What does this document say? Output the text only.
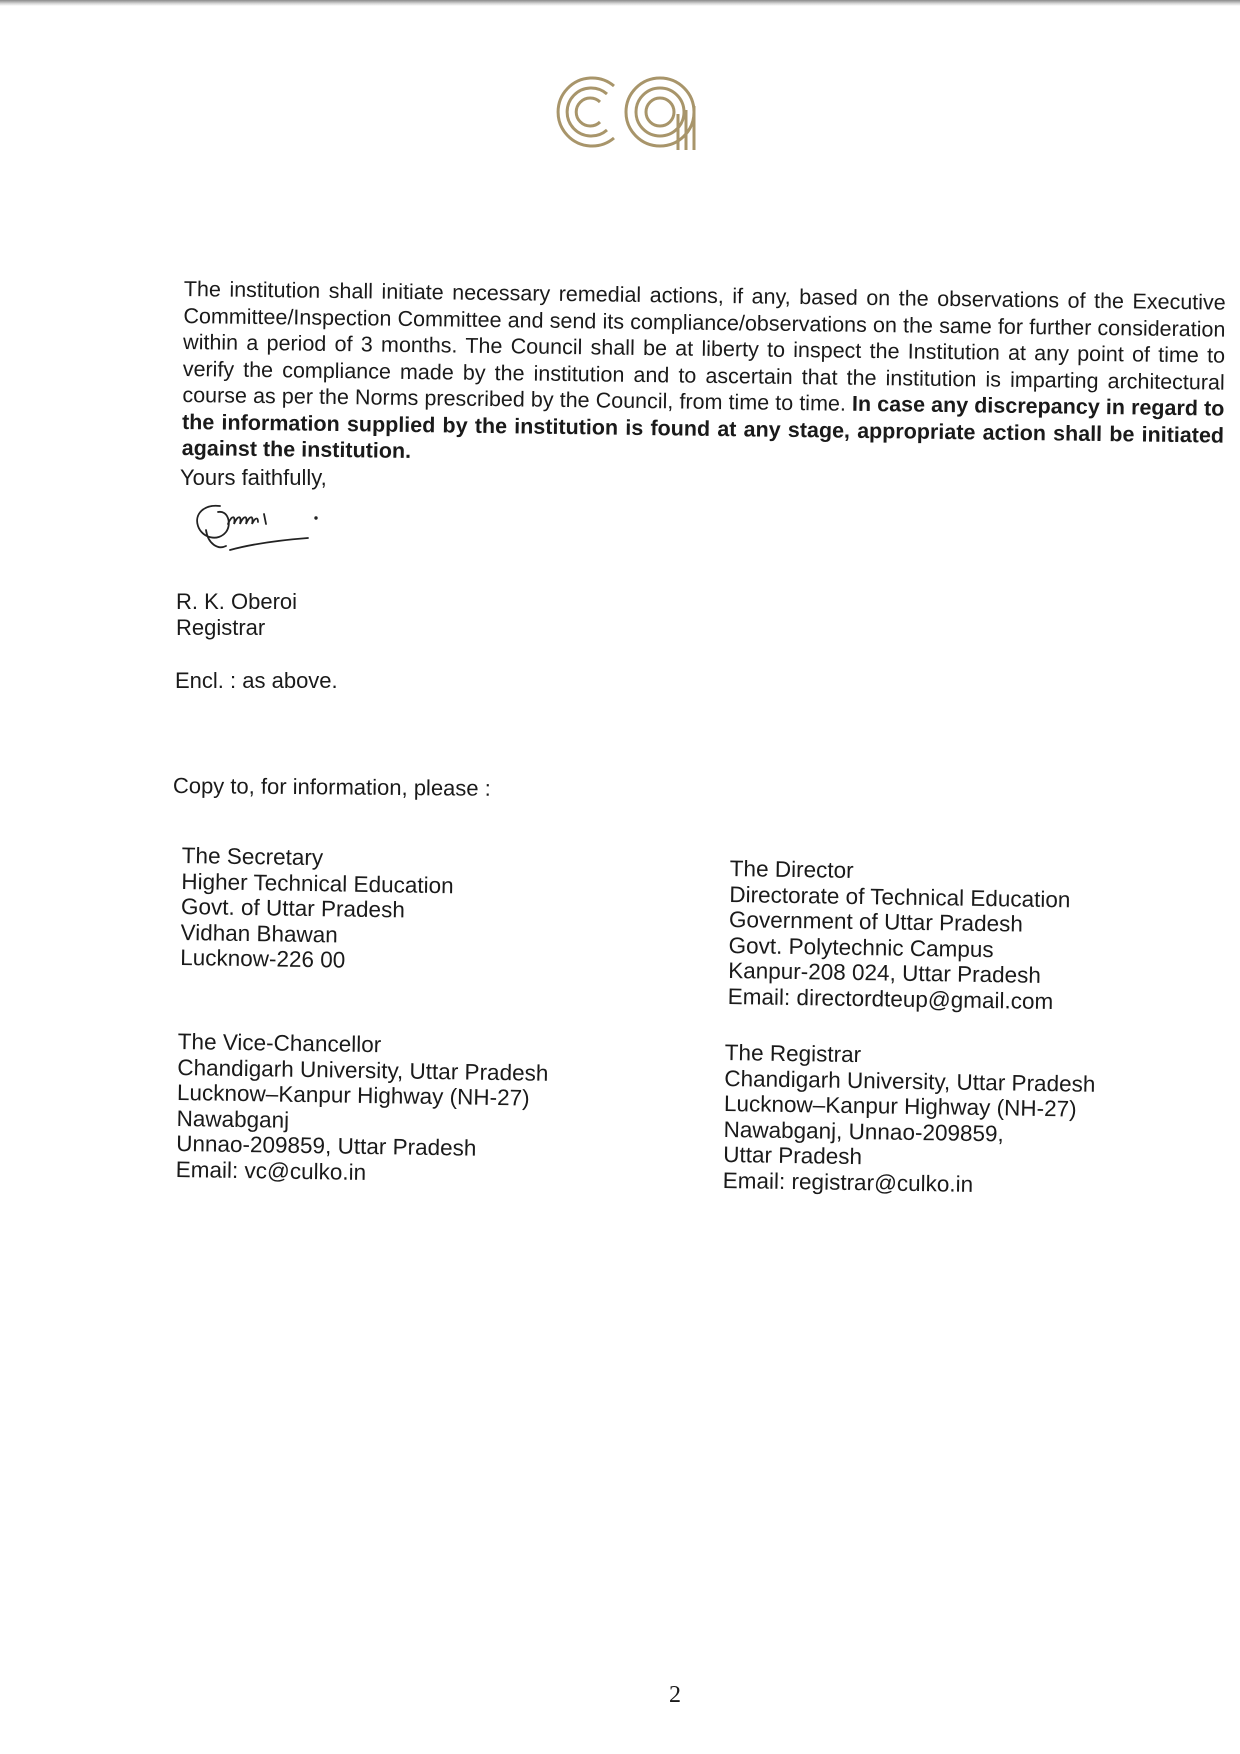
The institution shall initiate necessary remedial actions, if any, based on the observations of the Executive Committee/Inspection Committee and send its compliance/observations on the same for further consideration within a period of 3 months. The Council shall be at liberty to inspect the Institution at any point of time to verify the compliance made by the institution and to ascertain that the institution is imparting architectural course as per the Norms prescribed by the Council, from time to time. In case any discrepancy in regard to the information supplied by the institution is found at any stage, appropriate action shall be initiated against the institution.

Yours faithfully,
R. K. Oberoi
Registrar
Encl. : as above.
Copy to, for information, please :
The Secretary
Higher Technical Education
Govt. of Uttar Pradesh
Vidhan Bhawan
Lucknow-226 00
The Director
Directorate of Technical Education
Government of Uttar Pradesh
Govt. Polytechnic Campus
Kanpur-208 024, Uttar Pradesh
Email: directordteup@gmail.com
The Vice-Chancellor
Chandigarh University, Uttar Pradesh
Lucknow–Kanpur Highway (NH-27)
Nawabganj
Unnao-209859, Uttar Pradesh
Email: vc@culko.in
The Registrar
Chandigarh University, Uttar Pradesh
Lucknow–Kanpur Highway (NH-27)
Nawabganj, Unnao-209859,
Uttar Pradesh
Email: registrar@culko.in
2
